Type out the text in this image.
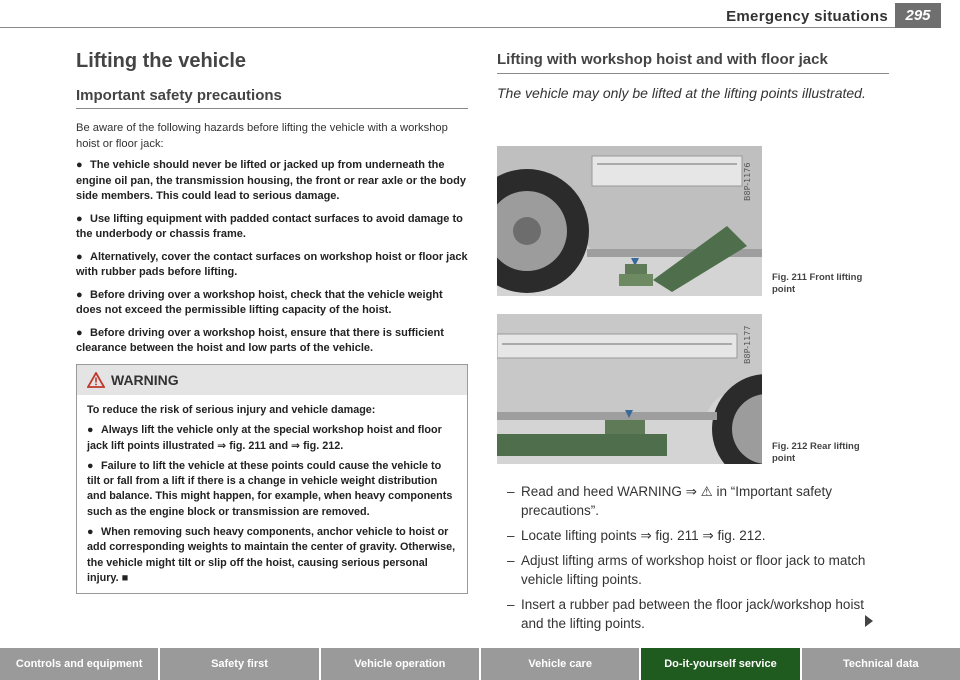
Emergency situations	295
Lifting the vehicle
Important safety precautions
Be aware of the following hazards before lifting the vehicle with a workshop hoist or floor jack:
● The vehicle should never be lifted or jacked up from underneath the engine oil pan, the transmission housing, the front or rear axle or the body side members. This could lead to serious damage.
● Use lifting equipment with padded contact surfaces to avoid damage to the underbody or chassis frame.
● Alternatively, cover the contact surfaces on workshop hoist or floor jack with rubber pads before lifting.
● Before driving over a workshop hoist, check that the vehicle weight does not exceed the permissible lifting capacity of the hoist.
● Before driving over a workshop hoist, ensure that there is sufficient clearance between the hoist and low parts of the vehicle.
WARNING
To reduce the risk of serious injury and vehicle damage:
● Always lift the vehicle only at the special workshop hoist and floor jack lift points illustrated ⇒ fig. 211 and ⇒ fig. 212.
● Failure to lift the vehicle at these points could cause the vehicle to tilt or fall from a lift if there is a change in vehicle weight distribution and balance. This might happen, for example, when heavy components such as the engine block or transmission are removed.
● When removing such heavy components, anchor vehicle to hoist or add corresponding weights to maintain the center of gravity. Otherwise, the vehicle might tilt or slip off the hoist, causing serious personal injury. ■
Lifting with workshop hoist and with floor jack
The vehicle may only be lifted at the lifting points illustrated.
B8P-1176
Fig. 211 Front lifting point
B8P-1177
Fig. 212 Rear lifting point
– Read and heed WARNING ⇒ ⚠ in “Important safety precautions”.
– Locate lifting points ⇒ fig. 211 ⇒ fig. 212.
– Adjust lifting arms of workshop hoist or floor jack to match vehicle lifting points.
– Insert a rubber pad between the floor jack/workshop hoist and the lifting points.
Controls and equipment	Safety first	Vehicle operation	Vehicle care	Do-it-yourself service	Technical data
